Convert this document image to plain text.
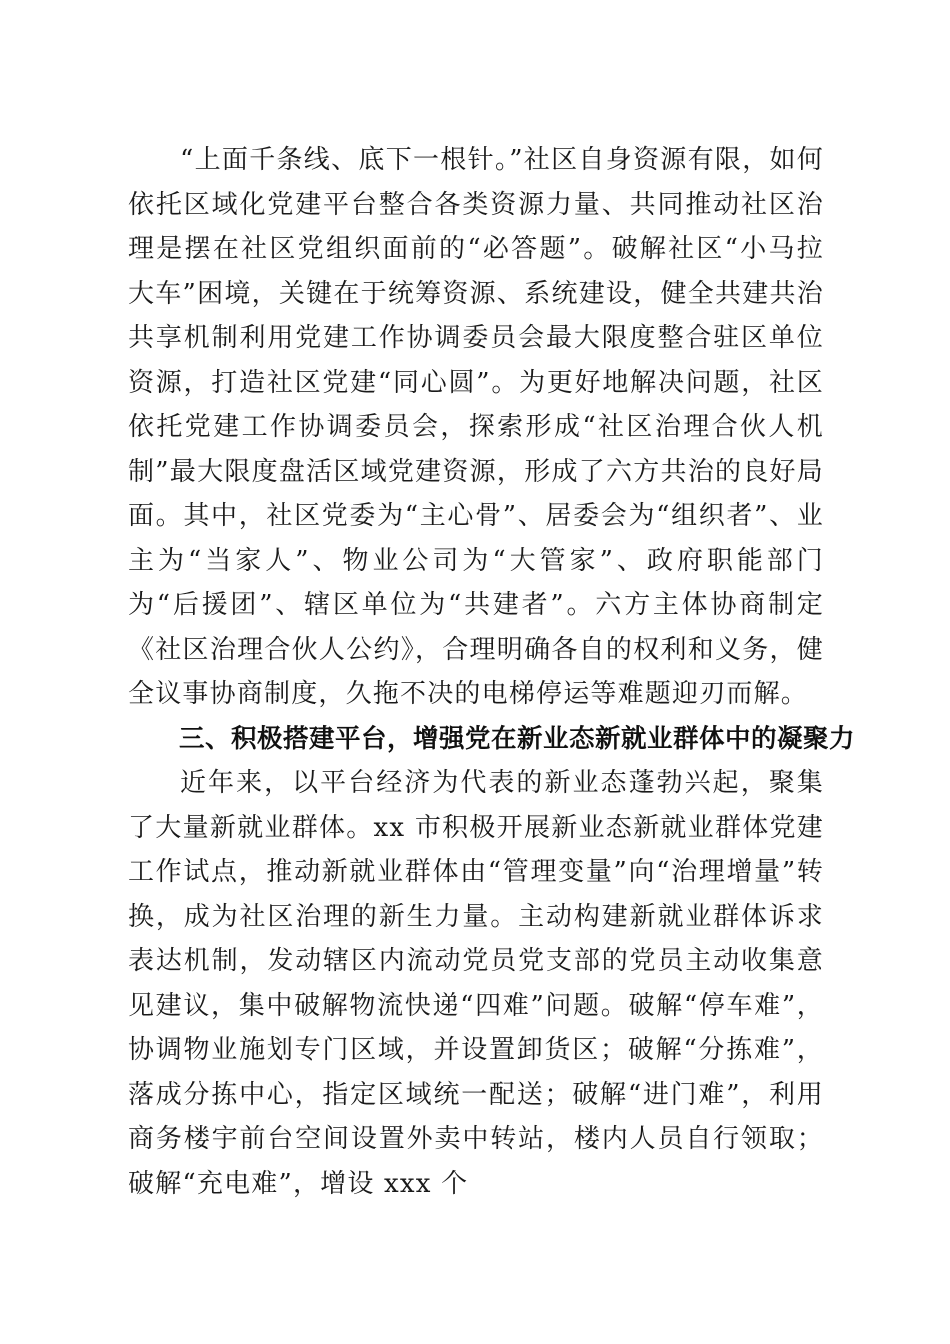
“上面千条线、底下一根针。”社区自身资源有限，如何依托区域化党建平台整合各类资源力量、共同推动社区治理是摆在社区党组织面前的“必答题”。破解社区“小马拉大车”困境，关键在于统筹资源、系统建设，健全共建共治共享机制利用党建工作协调委员会最大限度整合驻区单位资源，打造社区党建“同心圆”。为更好地解决问题，社区依托党建工作协调委员会，探索形成“社区治理合伙人机制”最大限度盘活区域党建资源，形成了六方共治的良好局面。其中，社区党委为“主心骨”、居委会为“组织者”、业主为“当家人”、物业公司为“大管家”、政府职能部门为“后援团”、辖区单位为“共建者”。六方主体协商制定《社区治理合伙人公约》，合理明确各自的权利和义务，健全议事协商制度，久拖不决的电梯停运等难题迎刃而解。

三、积极搭建平台，增强党在新业态新就业群体中的凝聚力

近年来，以平台经济为代表的新业态蓬勃兴起，聚集了大量新就业群体。xx 市积极开展新业态新就业群体党建工作试点，推动新就业群体由“管理变量”向“治理增量”转换，成为社区治理的新生力量。主动构建新就业群体诉求表达机制，发动辖区内流动党员党支部的党员主动收集意见建议，集中破解物流快递“四难”问题。破解“停车难”，协调物业施划专门区域，并设置卸货区；破解“分拣难”，落成分拣中心，指定区域统一配送；破解“进门难”，利用商务楼宇前台空间设置外卖中转站，楼内人员自行领取；破解“充电难”，增设 xxx 个
